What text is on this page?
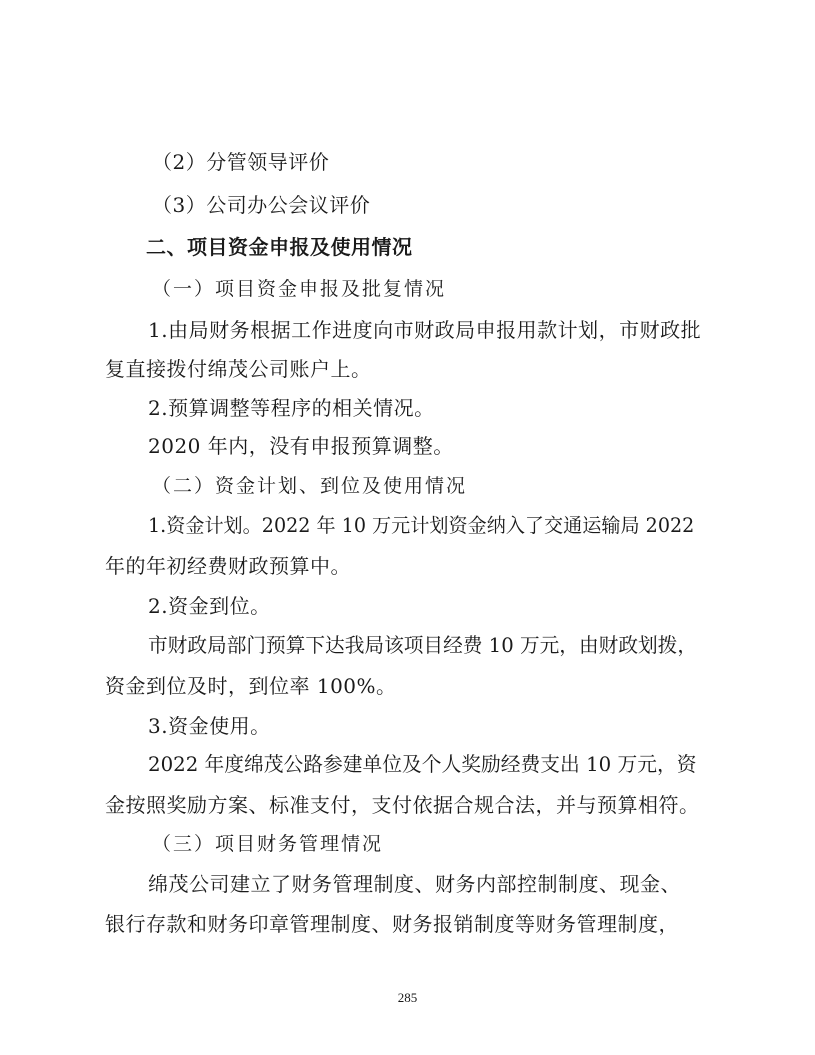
（2）分管领导评价
（3）公司办公会议评价
二、项目资金申报及使用情况
（一）项目资金申报及批复情况
1.由局财务根据工作进度向市财政局申报用款计划，市财政批
复直接拨付绵茂公司账户上。
2.预算调整等程序的相关情况。
2020 年内，没有申报预算调整。
（二）资金计划、到位及使用情况
1.资金计划。2022 年 10 万元计划资金纳入了交通运输局 2022
年的年初经费财政预算中。
2.资金到位。
市财政局部门预算下达我局该项目经费 10 万元，由财政划拨，
资金到位及时，到位率 100%。
3.资金使用。
2022 年度绵茂公路参建单位及个人奖励经费支出 10 万元，资
金按照奖励方案、标准支付，支付依据合规合法，并与预算相符。
（三）项目财务管理情况
绵茂公司建立了财务管理制度、财务内部控制制度、现金、
银行存款和财务印章管理制度、财务报销制度等财务管理制度，
285
